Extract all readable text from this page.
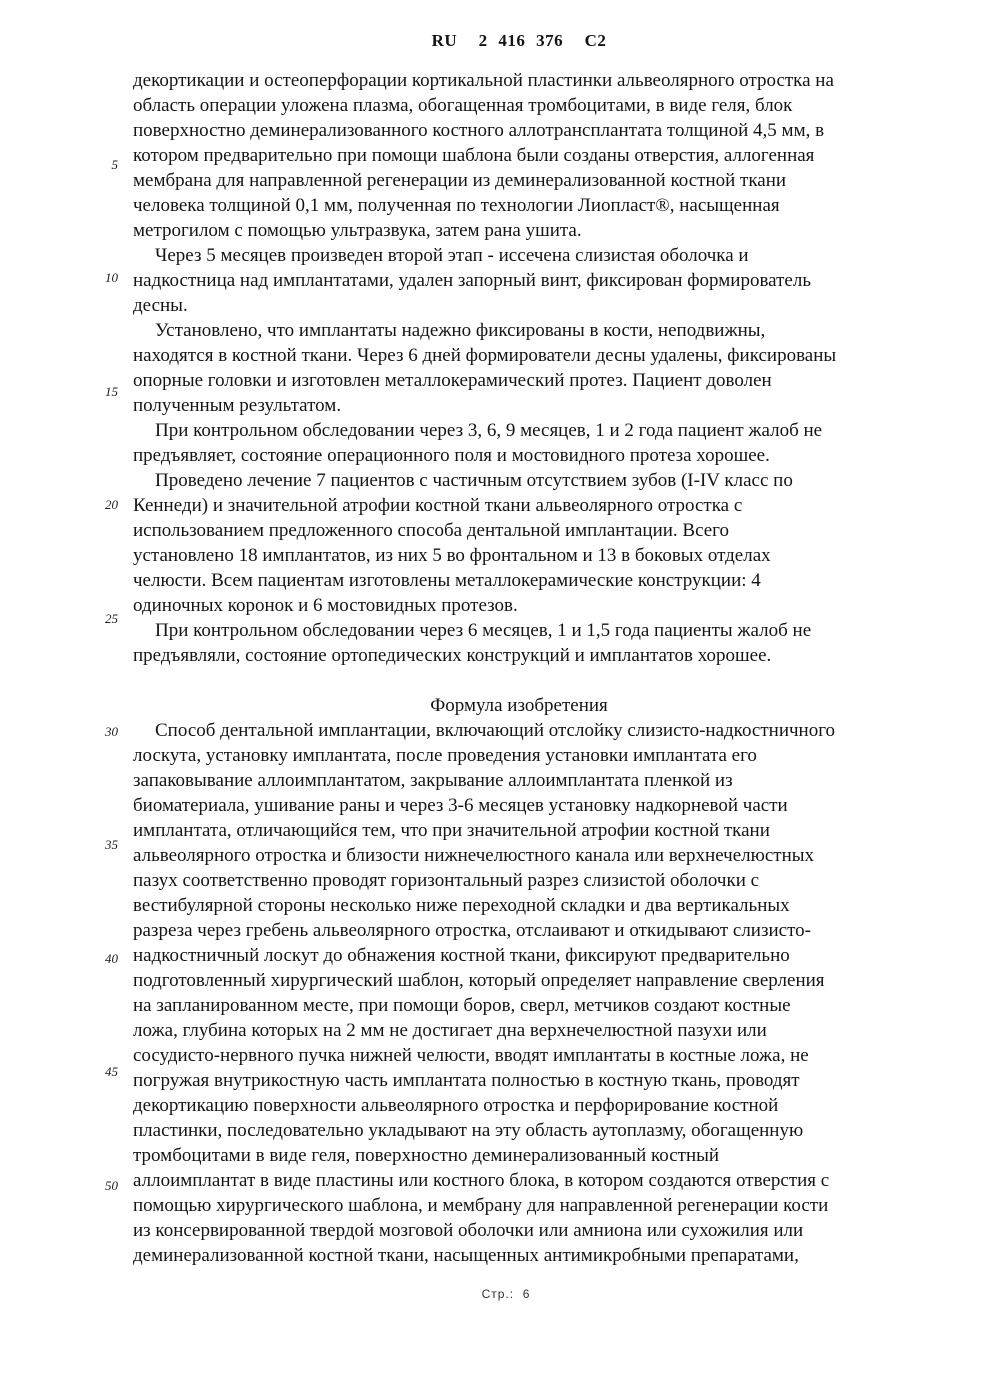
RU  2 416 376  C2
5
10
15
20
25
30
35
40
45
50
декортикации и остеоперфорации кортикальной пластинки альвеолярного отростка на
область операции уложена плазма, обогащенная тромбоцитами, в виде геля, блок
поверхностно деминерализованного костного аллотрансплантата толщиной 4,5 мм, в
котором предварительно при помощи шаблона были созданы отверстия, аллогенная
мембрана для направленной регенерации из деминерализованной костной ткани
человека толщиной 0,1 мм, полученная по технологии Лиопласт®, насыщенная
метрогилом с помощью ультразвука, затем рана ушита.
Через 5 месяцев произведен второй этап - иссечена слизистая оболочка и
надкостница над имплантатами, удален запорный винт, фиксирован формирователь
десны.
Установлено, что имплантаты надежно фиксированы в кости, неподвижны,
находятся в костной ткани. Через 6 дней формирователи десны удалены, фиксированы
опорные головки и изготовлен металлокерамический протез. Пациент доволен
полученным результатом.
При контрольном обследовании через 3, 6, 9 месяцев, 1 и 2 года пациент жалоб не
предъявляет, состояние операционного поля и мостовидного протеза хорошее.
Проведено лечение 7 пациентов с частичным отсутствием зубов (I-IV класс по
Кеннеди) и значительной атрофии костной ткани альвеолярного отростка с
использованием предложенного способа дентальной имплантации. Всего
установлено 18 имплантатов, из них 5 во фронтальном и 13 в боковых отделах
челюсти. Всем пациентам изготовлены металлокерамические конструкции: 4
одиночных коронок и 6 мостовидных протезов.
При контрольном обследовании через 6 месяцев, 1 и 1,5 года пациенты жалоб не
предъявляли, состояние ортопедических конструкций и имплантатов хорошее.
Формула изобретения
Способ дентальной имплантации, включающий отслойку слизисто-надкостничного
лоскута, установку имплантата, после проведения установки имплантата его
запаковывание аллоимплантатом, закрывание аллоимплантата пленкой из
биоматериала, ушивание раны и через 3-6 месяцев установку надкорневой части
имплантата, отличающийся тем, что при значительной атрофии костной ткани
альвеолярного отростка и близости нижнечелюстного канала или верхнечелюстных
пазух соответственно проводят горизонтальный разрез слизистой оболочки с
вестибулярной стороны несколько ниже переходной складки и два вертикальных
разреза через гребень альвеолярного отростка, отслаивают и откидывают слизисто-
надкостничный лоскут до обнажения костной ткани, фиксируют предварительно
подготовленный хирургический шаблон, который определяет направление сверления
на запланированном месте, при помощи боров, сверл, метчиков создают костные
ложа, глубина которых на 2 мм не достигает дна верхнечелюстной пазухи или
сосудисто-нервного пучка нижней челюсти, вводят имплантаты в костные ложа, не
погружая внутрикостную часть имплантата полностью в костную ткань, проводят
декортикацию поверхности альвеолярного отростка и перфорирование костной
пластинки, последовательно укладывают на эту область аутоплазму, обогащенную
тромбоцитами в виде геля, поверхностно деминерализованный костный
аллоимплантат в виде пластины или костного блока, в котором создаются отверстия с
помощью хирургического шаблона, и мембрану для направленной регенерации кости
из консервированной твердой мозговой оболочки или амниона или сухожилия или
деминерализованной костной ткани, насыщенных антимикробными препаратами,
Стр.:  6
